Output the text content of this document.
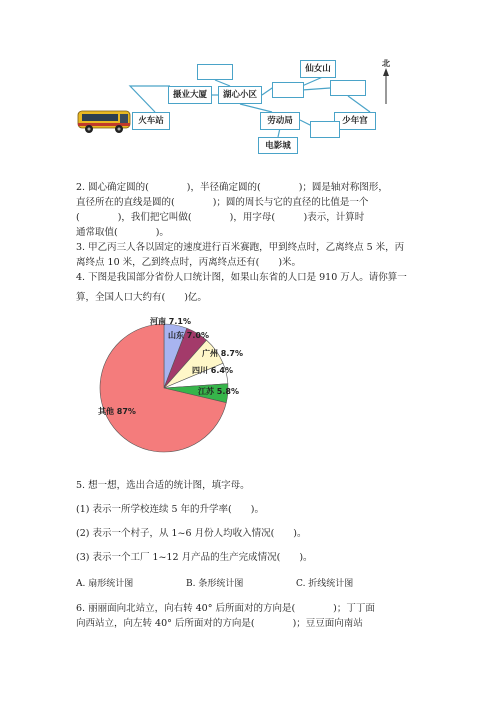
北
火车站
摄业大厦	湖心小区
仙女山
劳动局	少年宫
电影城
2. 圆心确定圆的(　　　　)，半径确定圆的(　　　　)；圆是轴对称图形，
直径所在的直线是圆的(　　　　)；圆的周长与它的直径的比值是一个
(　　　　)，我们把它叫做(　　　　)，用字母(　　　)表示，计算时
通常取值(　　　　)。
3. 甲乙丙三人各以固定的速度进行百米赛跑，甲到终点时，乙离终点 5 米，丙
离终点 10 米，乙到终点时，丙离终点还有(　　)米。
4. 下图是我国部分省份人口统计图，如果山东省的人口是 910 万人。请你算一
算，全国人口大约有(　　)亿。
河南 7.1%
山东 7.0%
广州 8.7%
四川 6.4%
江苏 5.8%
其他 87%
5. 想一想，选出合适的统计图，填字母。
(1) 表示一所学校连续 5 年的升学率(　　)。
(2) 表示一个村子，从 1~6 月份人均收入情况(　　)。
(3) 表示一个工厂 1~12 月产品的生产完成情况(　　)。
A. 扇形统计图	B. 条形统计图	C. 折线统计图
6. 丽丽面向北站立，向右转 40° 后所面对的方向是(　　　　)；丁丁面
向西站立，向左转 40° 后所面对的方向是(　　　　)；豆豆面向南站
